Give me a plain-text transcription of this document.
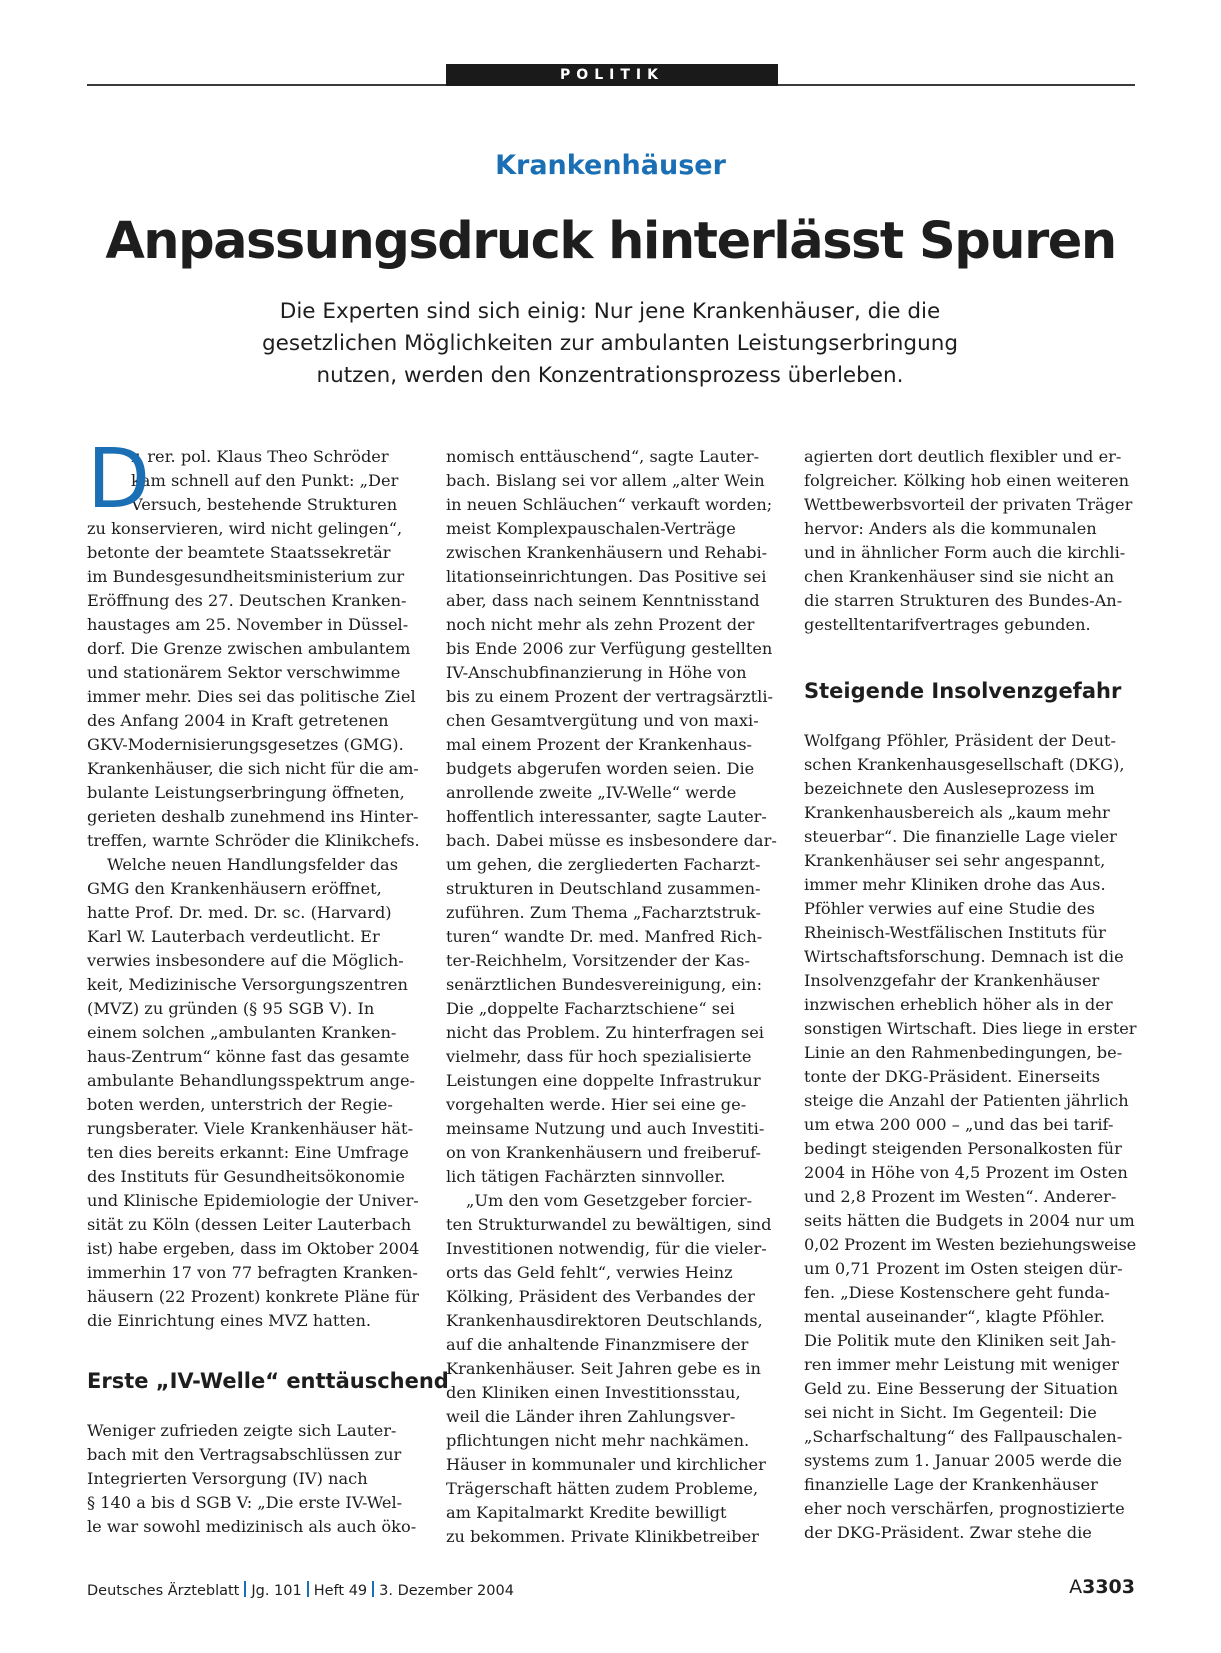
POLITIK
Krankenhäuser
Anpassungsdruck hinterlässt Spuren
Die Experten sind sich einig: Nur jene Krankenhäuser, die die
gesetzlichen Möglichkeiten zur ambulanten Leistungserbringung
nutzen, werden den Konzentrationsprozess überleben.
D
r. rer. pol. Klaus Theo Schröder
kam schnell auf den Punkt: „Der
Versuch, bestehende Strukturen
zu konservieren, wird nicht gelingen“,
betonte der beamtete Staatssekretär
im Bundesgesundheitsministerium zur
Eröffnung des 27. Deutschen Kranken-
haustages am 25. November in Düssel-
dorf. Die Grenze zwischen ambulantem
und stationärem Sektor verschwimme
immer mehr. Dies sei das politische Ziel
des Anfang 2004 in Kraft getretenen
GKV-Modernisierungsgesetzes (GMG).
Krankenhäuser, die sich nicht für die am-
bulante Leistungserbringung öffneten,
gerieten deshalb zunehmend ins Hinter-
treffen, warnte Schröder die Klinikchefs.
Welche neuen Handlungsfelder das
GMG den Krankenhäusern eröffnet,
hatte Prof. Dr. med. Dr. sc. (Harvard)
Karl W. Lauterbach verdeutlicht. Er
verwies insbesondere auf die Möglich-
keit, Medizinische Versorgungszentren
(MVZ) zu gründen (§ 95 SGB V). In
einem solchen „ambulanten Kranken-
haus-Zentrum“ könne fast das gesamte
ambulante Behandlungsspektrum ange-
boten werden, unterstrich der Regie-
rungsberater. Viele Krankenhäuser hät-
ten dies bereits erkannt: Eine Umfrage
des Instituts für Gesundheitsökonomie
und Klinische Epidemiologie der Univer-
sität zu Köln (dessen Leiter Lauterbach
ist) habe ergeben, dass im Oktober 2004
immerhin 17 von 77 befragten Kranken-
häusern (22 Prozent) konkrete Pläne für
die Einrichtung eines MVZ hatten.
Erste „IV-Welle“ enttäuschend
Weniger zufrieden zeigte sich Lauter-
bach mit den Vertragsabschlüssen zur
Integrierten Versorgung (IV) nach
§ 140 a bis d SGB V: „Die erste IV-Wel-
le war sowohl medizinisch als auch öko-
nomisch enttäuschend“, sagte Lauter-
bach. Bislang sei vor allem „alter Wein
in neuen Schläuchen“ verkauft worden;
meist Komplexpauschalen-Verträge
zwischen Krankenhäusern und Rehabi-
litationseinrichtungen. Das Positive sei
aber, dass nach seinem Kenntnisstand
noch nicht mehr als zehn Prozent der
bis Ende 2006 zur Verfügung gestellten
IV-Anschubfinanzierung in Höhe von
bis zu einem Prozent der vertragsärztli-
chen Gesamtvergütung und von maxi-
mal einem Prozent der Krankenhaus-
budgets abgerufen worden seien. Die
anrollende zweite „IV-Welle“ werde
hoffentlich interessanter, sagte Lauter-
bach. Dabei müsse es insbesondere dar-
um gehen, die zergliederten Facharzt-
strukturen in Deutschland zusammen-
zuführen. Zum Thema „Facharztstruk-
turen“ wandte Dr. med. Manfred Rich-
ter-Reichhelm, Vorsitzender der Kas-
senärztlichen Bundesvereinigung, ein:
Die „doppelte Facharztschiene“ sei
nicht das Problem. Zu hinterfragen sei
vielmehr, dass für hoch spezialisierte
Leistungen eine doppelte Infrastrukur
vorgehalten werde. Hier sei eine ge-
meinsame Nutzung und auch Investiti-
on von Krankenhäusern und freiberuf-
lich tätigen Fachärzten sinnvoller.
„Um den vom Gesetzgeber forcier-
ten Strukturwandel zu bewältigen, sind
Investitionen notwendig, für die vieler-
orts das Geld fehlt“, verwies Heinz
Kölking, Präsident des Verbandes der
Krankenhausdirektoren Deutschlands,
auf die anhaltende Finanzmisere der
Krankenhäuser. Seit Jahren gebe es in
den Kliniken einen Investitionsstau,
weil die Länder ihren Zahlungsver-
pflichtungen nicht mehr nachkämen.
Häuser in kommunaler und kirchlicher
Trägerschaft hätten zudem Probleme,
am Kapitalmarkt Kredite bewilligt
zu bekommen. Private Klinikbetreiber
agierten dort deutlich flexibler und er-
folgreicher. Kölking hob einen weiteren
Wettbewerbsvorteil der privaten Träger
hervor: Anders als die kommunalen
und in ähnlicher Form auch die kirchli-
chen Krankenhäuser sind sie nicht an
die starren Strukturen des Bundes-An-
gestelltentarifvertrages gebunden.
Steigende Insolvenzgefahr
Wolfgang Pföhler, Präsident der Deut-
schen Krankenhausgesellschaft (DKG),
bezeichnete den Ausleseprozess im
Krankenhausbereich als „kaum mehr
steuerbar“. Die finanzielle Lage vieler
Krankenhäuser sei sehr angespannt,
immer mehr Kliniken drohe das Aus.
Pföhler verwies auf eine Studie des
Rheinisch-Westfälischen Instituts für
Wirtschaftsforschung. Demnach ist die
Insolvenzgefahr der Krankenhäuser
inzwischen erheblich höher als in der
sonstigen Wirtschaft. Dies liege in erster
Linie an den Rahmenbedingungen, be-
tonte der DKG-Präsident. Einerseits
steige die Anzahl der Patienten jährlich
um etwa 200 000 – „und das bei tarif-
bedingt steigenden Personalkosten für
2004 in Höhe von 4,5 Prozent im Osten
und 2,8 Prozent im Westen“. Anderer-
seits hätten die Budgets in 2004 nur um
0,02 Prozent im Westen beziehungsweise
um 0,71 Prozent im Osten steigen dür-
fen. „Diese Kostenschere geht funda-
mental auseinander“, klagte Pföhler.
Die Politik mute den Kliniken seit Jah-
ren immer mehr Leistung mit weniger
Geld zu. Eine Besserung der Situation
sei nicht in Sicht. Im Gegenteil: Die
„Scharfschaltung“ des Fallpauschalen-
systems zum 1. Januar 2005 werde die
finanzielle Lage der Krankenhäuser
eher noch verschärfen, prognostizierte
der DKG-Präsident. Zwar stehe die
Deutsches Ärzteblatt Jg. 101 Heft 49 3. Dezember 2004	A3303
